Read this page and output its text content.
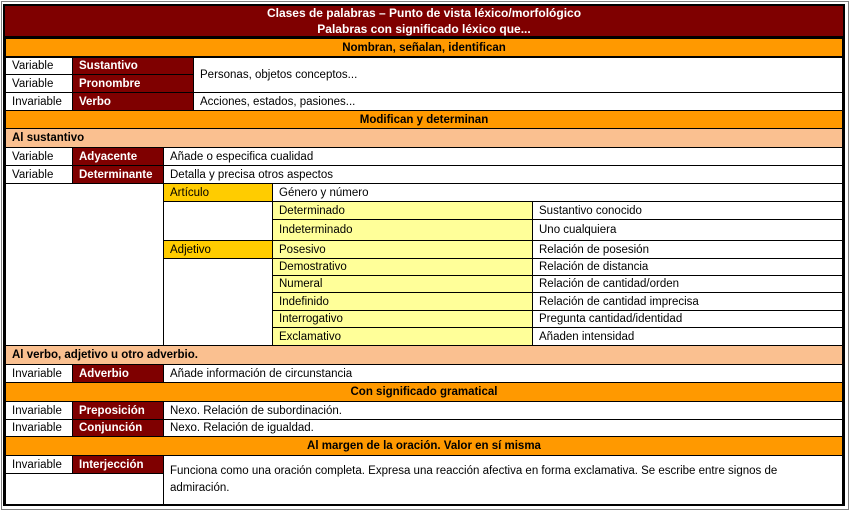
Clases de palabras – Punto de vista léxico/morfológico
Palabras con significado léxico que...
Nombran, señalan, identifican
Variable	Sustantivo
Variable	Pronombre
Personas, objetos conceptos...
Invariable	Verbo	Acciones, estados, pasiones...
Modifican y determinan
Al sustantivo
Variable	Adyacente	Añade o especifica cualidad
Variable	Determinante	Detalla y precisa otros aspectos
Artículo	Género y número
Determinado	Sustantivo conocido
Indeterminado	Uno cualquiera
Adjetivo	Posesivo	Relación de posesión
Demostrativo	Relación de distancia
Numeral	Relación de cantidad/orden
Indefinido	Relación de cantidad imprecisa
Interrogativo	Pregunta cantidad/identidad
Exclamativo	Añaden intensidad
Al verbo, adjetivo u otro adverbio.
Invariable	Adverbio	Añade información de circunstancia
Con significado gramatical
Invariable	Preposición	Nexo. Relación de subordinación.
Invariable	Conjunción	Nexo. Relación de igualdad.
Al margen de la oración. Valor en sí misma
Invariable	Interjección
Funciona como una oración completa. Expresa una reacción afectiva en forma exclamativa. Se escribe entre signos de admiración.
